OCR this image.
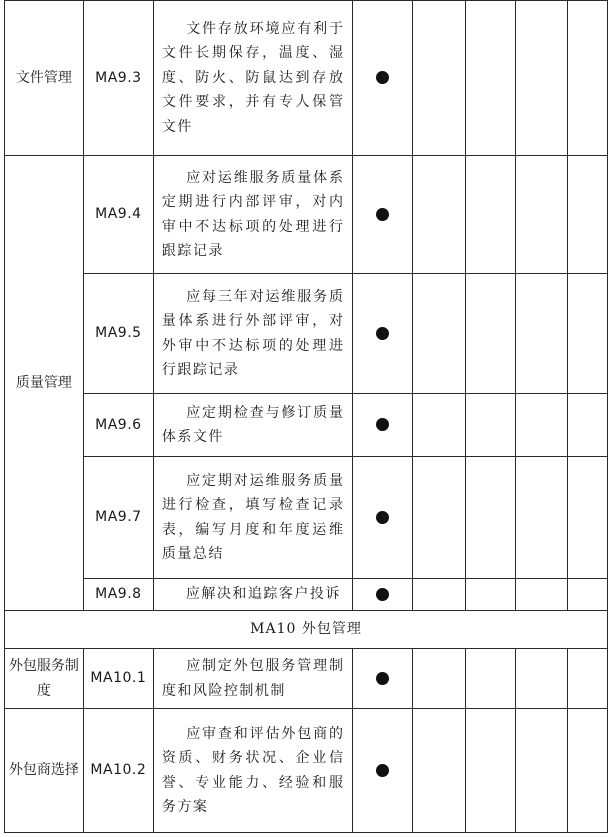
文件管理	MA9.3	文件存放环境应有利于文件长期保存，温度、湿度、防火、防鼠达到存放文件要求，并有专人保管文件					
质量管理	MA9.4	应对运维服务质量体系定期进行内部评审，对内审中不达标项的处理进行跟踪记录					
	MA9.5	应每三年对运维服务质量体系进行外部评审，对外审中不达标项的处理进行跟踪记录					
	MA9.6	应定期检查与修订质量体系文件					
	MA9.7	应定期对运维服务质量进行检查，填写检查记录表，编写月度和年度运维质量总结					
	MA9.8	应解决和追踪客户投诉					
MA10 外包管理							
外包服务制度	MA10.1	应制定外包服务管理制度和风险控制机制					
外包商选择	MA10.2	应审查和评估外包商的资质、财务状况、企业信誉、专业能力、经验和服务方案					
